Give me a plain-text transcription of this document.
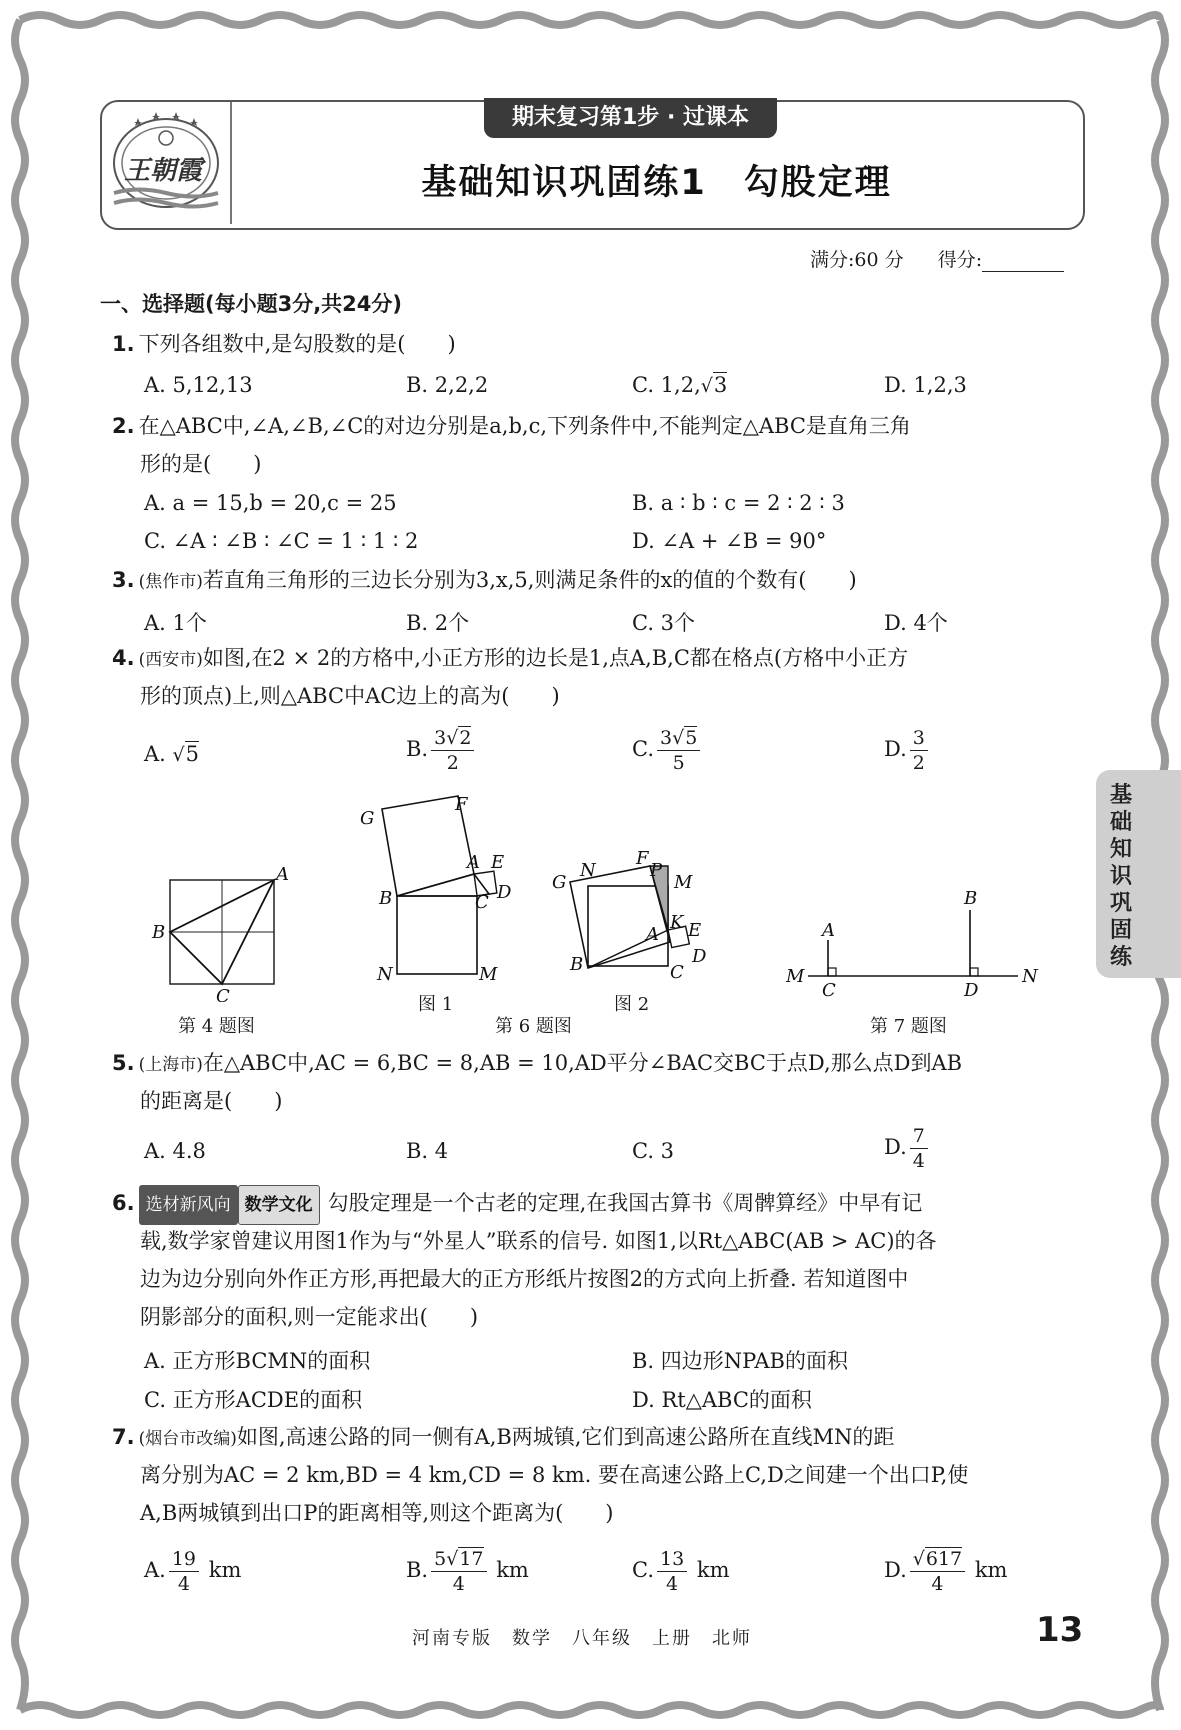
王朝霞
期末复习第1步 · 过课本
基础知识巩固练1　勾股定理
满分:60 分 得分:
一、选择题(每小题3分,共24分)
1. 下列各组数中,是勾股数的是(　　)
A. 5,12,13	B. 2,2,2	C. 1,2,√3	D. 1,2,3
2. 在△ABC中,∠A,∠B,∠C的对边分别是a,b,c,下列条件中,不能判定△ABC是直角三角
形的是(　　)
A. a = 15,b = 20,c = 25	B. a ∶ b ∶ c = 2 ∶ 2 ∶ 3
C. ∠A ∶ ∠B ∶ ∠C = 1 ∶ 1 ∶ 2	D. ∠A + ∠B = 90°
3. (焦作市)若直角三角形的三边长分别为3,x,5,则满足条件的x的值的个数有(　　)
A. 1个	B. 2个	C. 3个	D. 4个
4. (西安市)如图,在2 × 2的方格中,小正方形的边长是1,点A,B,C都在格点(方格中小正方
形的顶点)上,则△ABC中AC边上的高为(　　)
A. √5	B. $\frac{3√2}{2}$	C. $\frac{3√5}{5}$	D. $\frac{3}{2}$
A
B
C
第 4 题图
G
F
A E
B	C D
N	M
图 1
第 6 题图
G
N
F
P
M
K E
A
D
B	C
图 2
A
B
M	N
C	D
第 7 题图
5. (上海市)在△ABC中,AC = 6,BC = 8,AB = 10,AD平分∠BAC交BC于点D,那么点D到AB
的距离是(　　)
A. 4.8	B. 4	C. 3	D. $\frac{7}{4}$
6. 选材新风向 数学文化 勾股定理是一个古老的定理,在我国古算书《周髀算经》中早有记
载,数学家曾建议用图1作为与“外星人”联系的信号. 如图1,以Rt△ABC(AB > AC)的各
边为边分别向外作正方形,再把最大的正方形纸片按图2的方式向上折叠. 若知道图中
阴影部分的面积,则一定能求出(　　)
A. 正方形BCMN的面积	B. 四边形NPAB的面积
C. 正方形ACDE的面积	D. Rt△ABC的面积
7. (烟台市改编)如图,高速公路的同一侧有A,B两城镇,它们到高速公路所在直线MN的距
离分别为AC = 2 km,BD = 4 km,CD = 8 km. 要在高速公路上C,D之间建一个出口P,使
A,B两城镇到出口P的距离相等,则这个距离为(　　)
A. $\frac{19}{4}$ km	B. $\frac{5√17}{4}$ km	C. $\frac{13}{4}$ km	D. $\frac{√617}{4}$ km
基础知识巩固练
河南专版　数学　八年级　上册　北师	13
